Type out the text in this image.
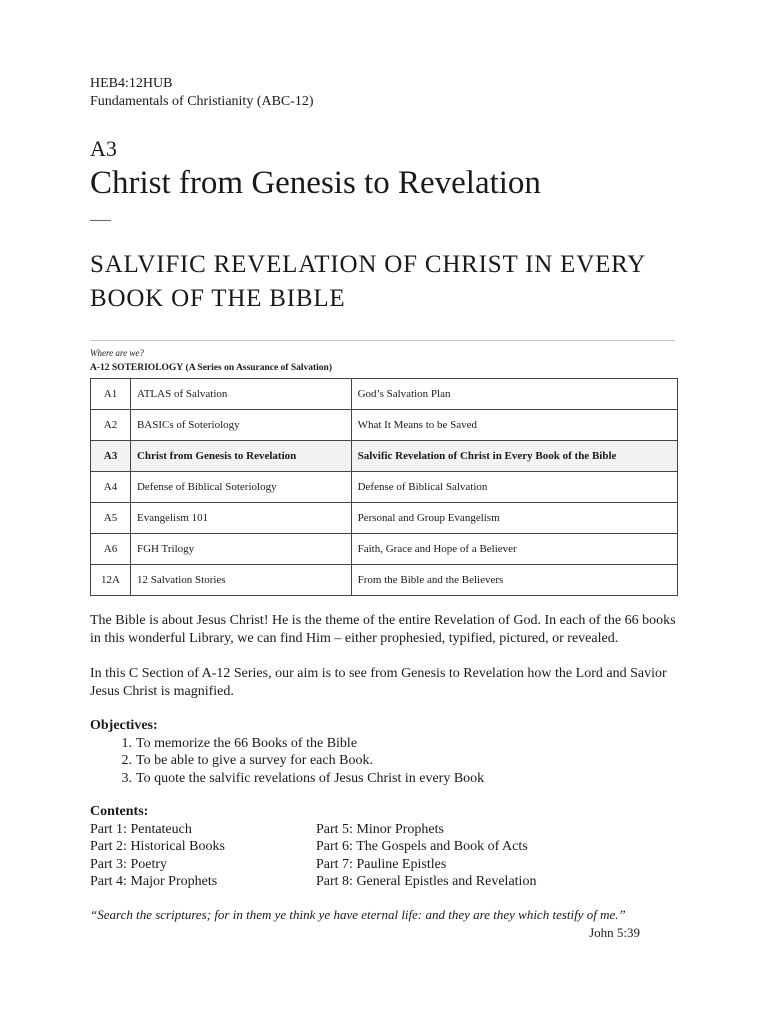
HEB4:12HUB
Fundamentals of Christianity (ABC-12)
A3
Christ from Genesis to Revelation
___
SALVIFIC REVELATION OF CHRIST IN EVERY BOOK OF THE BIBLE
Where are we?
A-12 SOTERIOLOGY (A Series on Assurance of Salvation)
A1	ATLAS of Salvation	God’s Salvation Plan
A2	BASICs of Soteriology	What It Means to be Saved
A3	Christ from Genesis to Revelation	Salvific Revelation of Christ in Every Book of the Bible
A4	Defense of Biblical Soteriology	Defense of Biblical Salvation
A5	Evangelism 101	Personal and Group Evangelism
A6	FGH Trilogy	Faith, Grace and Hope of a Believer
12A	12 Salvation Stories	From the Bible and the Believers

The Bible is about Jesus Christ! He is the theme of the entire Revelation of God. In each of the 66 books in this wonderful Library, we can find Him – either prophesied, typified, pictured, or revealed.

In this C Section of A-12 Series, our aim is to see from Genesis to Revelation how the Lord and Savior Jesus Christ is magnified.

Objectives:
1. To memorize the 66 Books of the Bible
2. To be able to give a survey for each Book.
3. To quote the salvific revelations of Jesus Christ in every Book
Contents:
Part 1: Pentateuch
Part 2: Historical Books
Part 3: Poetry
Part 4: Major Prophets
Part 5: Minor Prophets
Part 6: The Gospels and Book of Acts
Part 7: Pauline Epistles
Part 8: General Epistles and Revelation
“Search the scriptures; for in them ye think ye have eternal life: and they are they which testify of me.”
John 5:39
